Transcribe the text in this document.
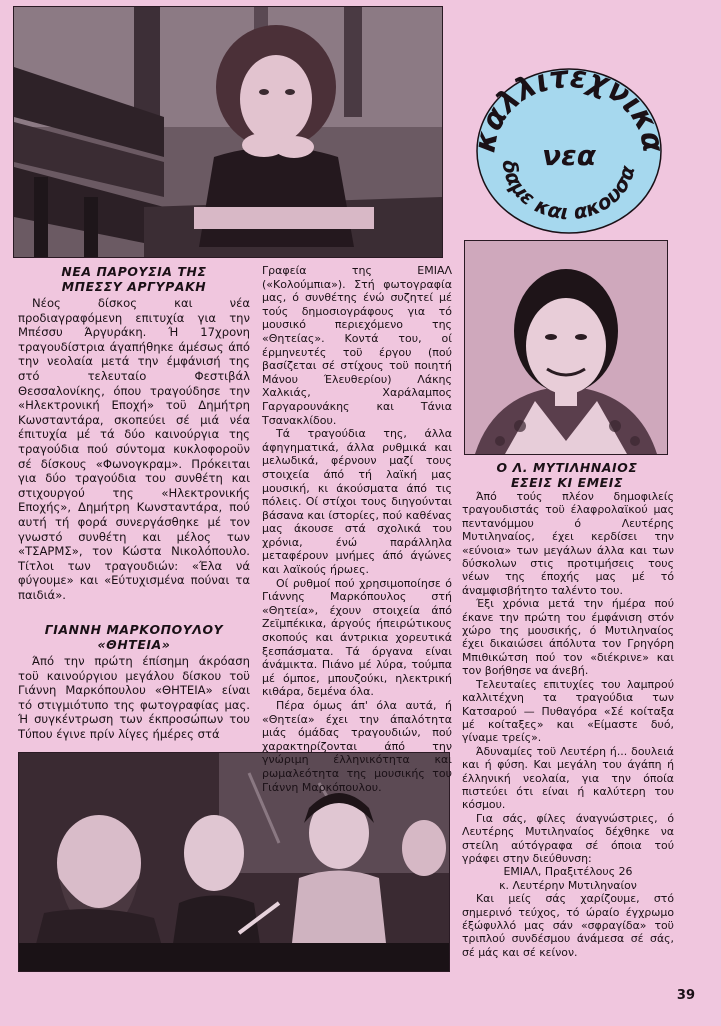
αλλιτεχνικ
νεα
δαμε και ακουσα
ΝΕΑ ΠΑΡΟΥΣΙΑ ΤΗΣ
ΜΠΕΣΣΥ ΑΡΓΥΡΑΚΗ

Νέος δίσκος και νέα προδιαγραφόμενη επιτυχία για την Μπέσσυ Άργυράκη. Ή 17χρονη τραγουδίστρια άγαπήθηκε άμέσως άπό την νεολαία μετά την έμφάνισή της στό τελευταίο Φεστιβάλ Θεσσαλονίκης, όπου τραγούδησε την «Ηλεκτρονική Εποχή» τοϋ Δημήτρη Κωνσταντάρα, σκοπεύει σέ μιά νέα έπιτυχία μέ τά δύο καινούργια της τραγούδια πού σύντομα κυκλοφοροϋν σέ δίσκους «Φωνογκραμ». Πρόκειται για δύο τραγούδια του συνθέτη και στιχουργού της «Ηλεκτρονικής Εποχής», Δημήτρη Κωνσταντάρα, πού αυτή τή φορά συνεργάσθηκε μέ τον γνωστό συνθέτη και μέλος των «ΤΣΑΡΜΣ», τον Κώστα Νικολόπουλο. Τίτλοι των τραγουδιών: «Έλα νά φύγουμε» και «Εύτυχισμένα πούναι τα παιδιά».

ΓΙΑΝΝΗ ΜΑΡΚΟΠΟΥΛΟΥ
«ΘΗΤΕΙΑ»

Άπό την πρώτη έπίσημη άκρόαση τοϋ καινούργιου μεγάλου δίσκου τοϋ Γιάννη Μαρκόπουλου «ΘΗΤΕΙΑ» είναι τό στιγμιότυπο της φωτογραφίας μας. Ή συγκέντρωση των έκπροσώπων του Τύπου έγινε πρίν λίγες ήμέρες στά

Γραφεία της ΕΜΙΑΛ («Κολούμπια»). Στή φωτογραφία μας, ό συνθέτης ένώ συζητεί μέ τούς δημοσιογράφους για τό μουσικό περιεχόμενο της «Θητείας». Κοντά του, οί έρμηνευτές τοϋ έργου (πού βασίζεται σέ στίχους τοϋ ποιητή Μάνου Έλευθερίου) Λάκης Χαλκιάς, Χαράλαμπος Γαργαρουνάκης και Τάνια Τσανακλίδου.

Τά τραγούδια της, άλλα άφηγηματικά, άλλα ρυθμικά και μελωδικά, φέρνουν μαζί τους στοιχεία άπό τή λαϊκή μας μουσική, κι άκούσματα άπό τις πόλεις. Οί στίχοι τους διηγούνται βάσανα και ίστορίες, πού καθένας μας άκουσε στά σχολικά του χρόνια, ένώ παράλληλα μεταφέρουν μνήμες άπό άγώνες και λαϊκούς ήρωες.

Οί ρυθμοί πού χρησιμοποίησε ό Γιάννης Μαρκόπουλος στή «Θητεία», έχουν στοιχεία άπό Ζεϊμπέκικα, άργούς ήπειρώτικους σκοπούς και άντρικια χορευτικά ξεσπάσματα. Τά όργανα είναι άνάμικτα. Πιάνο μέ λύρα, τούμπα μέ όμποε, μπουζούκι, ηλεκτρική κιθάρα, δεμένα όλα.

Πέρα όμως άπ' όλα αυτά, ή «Θητεία» έχει την άπαλότητα μιάς όμάδας τραγουδιών, πού χαρακτηρίζονται άπό την γνώριμη έλληνικότητα και ρωμαλεότητα της μουσικής του Γιάννη Μαρκόπουλου.

Ο Λ. ΜΥΤΙΛΗΝΑΙΟΣ
ΕΣΕΙΣ ΚΙ ΕΜΕΙΣ

Άπό τούς πλέον δημοφιλείς τραγουδιστάς τοϋ έλαφρολαϊκού μας πεντανόμμου ό Λευτέρης Μυτιληναίος, έχει κερδίσει την «εύνοια» των μεγάλων άλλα και των δύσκολων στις προτιμήσεις τους νέων της έποχής μας μέ τό άναμφισβήτητο ταλέντο του.

Έξι χρόνια μετά την ήμέρα πού έκανε την πρώτη του έμφάνιση στόν χώρο της μουσικής, ό Μυτιληναίος έχει δικαιώσει άπόλυτα τον Γρηγόρη Μπιθικώτση πού τον «διέκρινε» και τον βοήθησε να άνεβή.

Τελευταίες επιτυχίες του λαμπρού καλλιτέχνη τα τραγούδια των Κατσαρού — Πυθαγόρα «Σέ κοίταξα μέ κοίταξες» και «Είμαστε δυό, γίναμε τρείς».

Άδυναμίες τοϋ Λευτέρη ή... δουλειά και ή φύση. Και μεγάλη του άγάπη ή έλληνική νεολαία, για την όποία πιστεύει ότι είναι ή καλύτερη του κόσμου.

Για σάς, φίλες άναγνώστριες, ό Λευτέρης Μυτιληναίος δέχθηκε να στείλη αύτόγραφα σέ όποια τού γράφει στην διεύθυνση:

ΕΜΙΑΛ, Πραξιτέλους 26

κ. Λευτέρην Μυτιληναίον

Και μείς σάς χαρίζουμε, στό σημερινό τεύχος, τό ώραίο έγχρωμο έξώφυλλό μας σάν «σφραγίδα» τοϋ τριπλού συνδέσμου άνάμεσα σέ σάς, σέ μάς και σέ κείνον.

39
